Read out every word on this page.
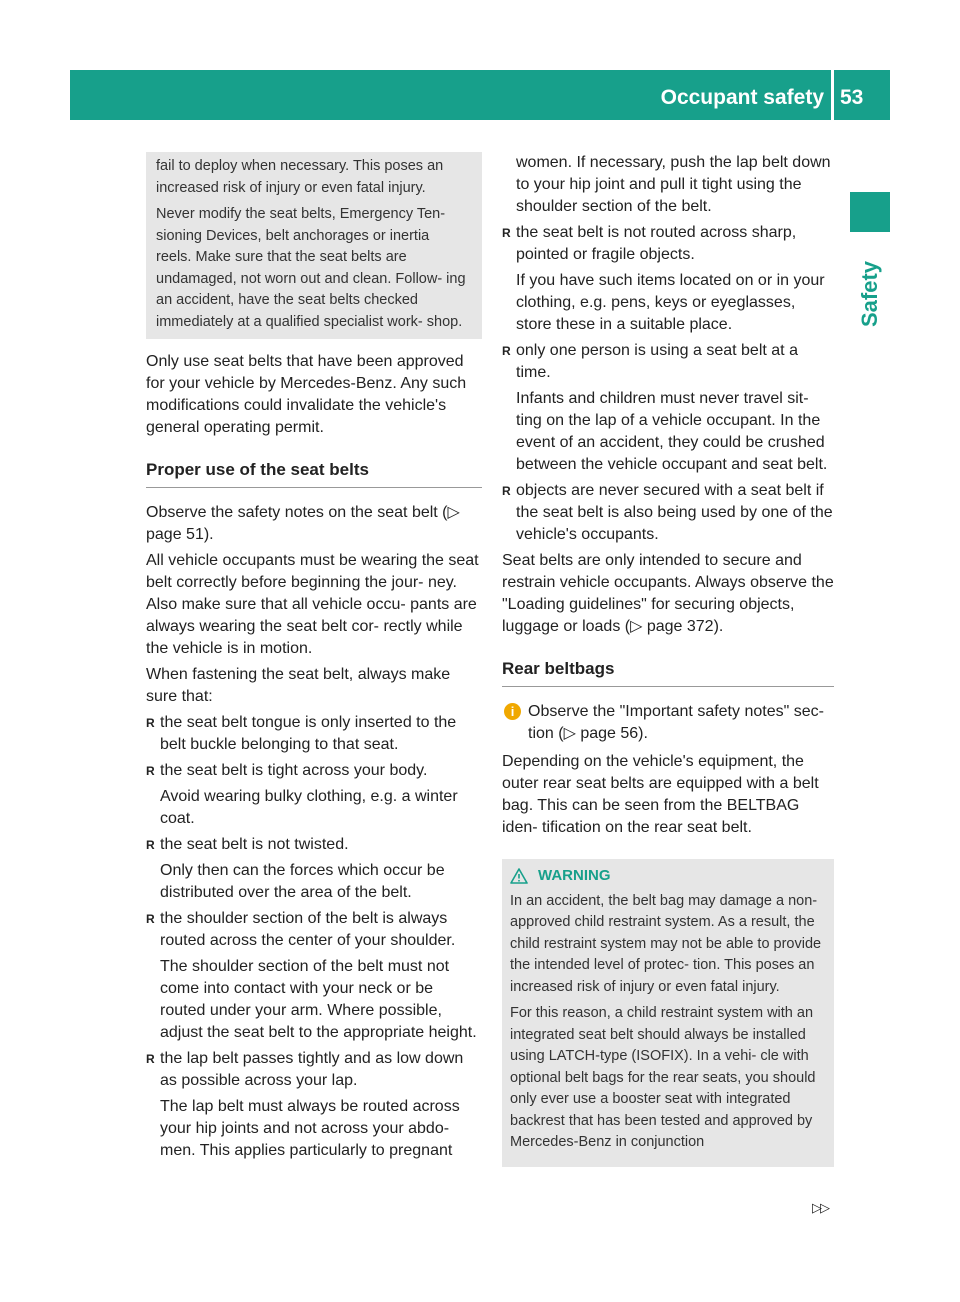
Occupant safety 53
Safety

fail to deploy when necessary. This poses an increased risk of injury or even fatal injury.

Never modify the seat belts, Emergency Ten- sioning Devices, belt anchorages or inertia reels. Make sure that the seat belts are undamaged, not worn out and clean. Follow- ing an accident, have the seat belts checked immediately at a qualified specialist work- shop.

Only use seat belts that have been approved for your vehicle by Mercedes-Benz. Any such modifications could invalidate the vehicle's general operating permit.

Proper use of the seat belts

Observe the safety notes on the seat belt (▷ page 51).

All vehicle occupants must be wearing the seat belt correctly before beginning the jour- ney. Also make sure that all vehicle occu- pants are always wearing the seat belt cor- rectly while the vehicle is in motion.

When fastening the seat belt, always make sure that:

R the seat belt tongue is only inserted to the belt buckle belonging to that seat.
R the seat belt is tight across your body.
Avoid wearing bulky clothing, e.g. a winter coat.
R the seat belt is not twisted.
Only then can the forces which occur be distributed over the area of the belt.
R the shoulder section of the belt is always routed across the center of your shoulder.
The shoulder section of the belt must not come into contact with your neck or be routed under your arm. Where possible, adjust the seat belt to the appropriate height.
R the lap belt passes tightly and as low down as possible across your lap.
The lap belt must always be routed across your hip joints and not across your abdo- men. This applies particularly to pregnant
women. If necessary, push the lap belt down to your hip joint and pull it tight using the shoulder section of the belt.
R the seat belt is not routed across sharp, pointed or fragile objects.
If you have such items located on or in your clothing, e.g. pens, keys or eyeglasses, store these in a suitable place.
R only one person is using a seat belt at a time.
Infants and children must never travel sit- ting on the lap of a vehicle occupant. In the event of an accident, they could be crushed between the vehicle occupant and seat belt.
R objects are never secured with a seat belt if the seat belt is also being used by one of the vehicle's occupants.

Seat belts are only intended to secure and restrain vehicle occupants. Always observe the "Loading guidelines" for securing objects, luggage or loads (▷ page 372).

Rear beltbags
i Observe the "Important safety notes" sec- tion (▷ page 56).

Depending on the vehicle's equipment, the outer rear seat belts are equipped with a belt bag. This can be seen from the BELTBAG iden- tification on the rear seat belt.

WARNING

In an accident, the belt bag may damage a non-approved child restraint system. As a result, the child restraint system may not be able to provide the intended level of protec- tion. This poses an increased risk of injury or even fatal injury.

For this reason, a child restraint system with an integrated seat belt should always be installed using LATCH-type (ISOFIX). In a vehi- cle with optional belt bags for the rear seats, you should only ever use a booster seat with integrated backrest that has been tested and approved by Mercedes-Benz in conjunction

▷▷
